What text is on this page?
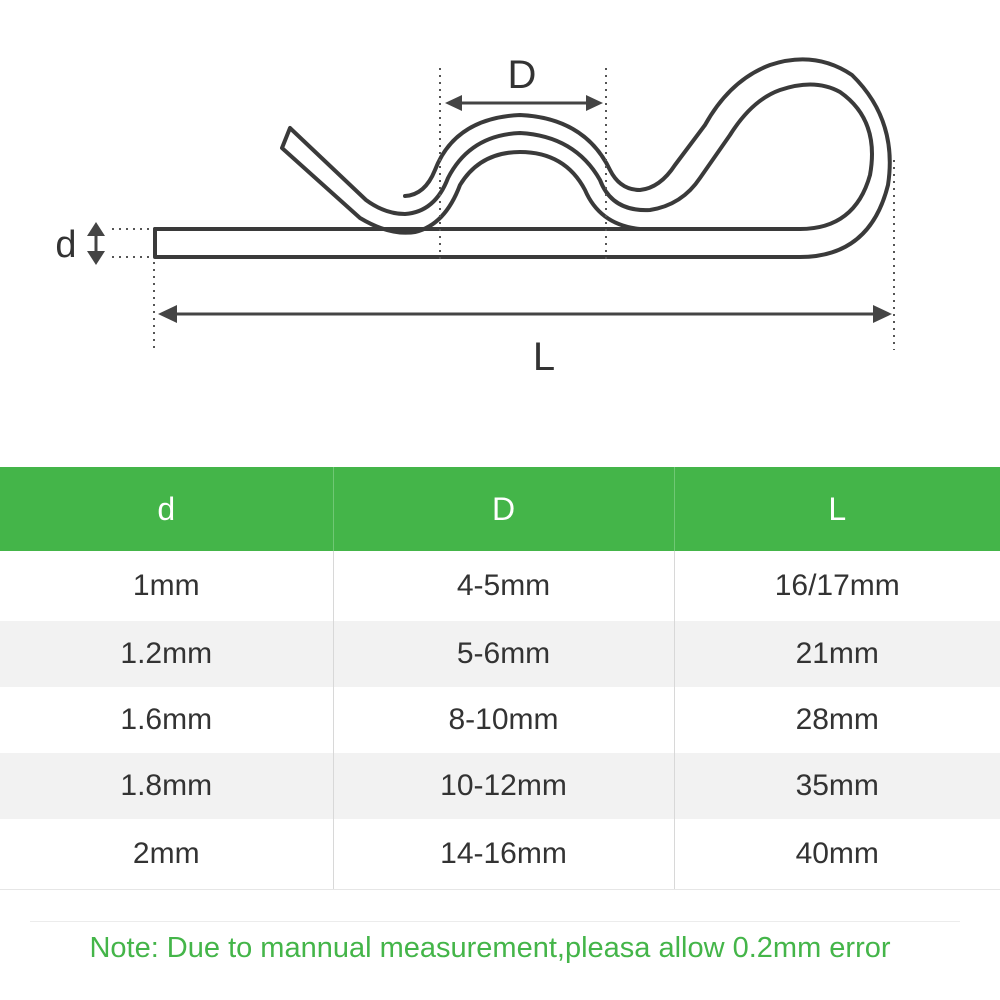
D
L
d
d	D	L
1mm	4-5mm	16/17mm
1.2mm	5-6mm	21mm
1.6mm	8-10mm	28mm
1.8mm	10-12mm	35mm
2mm	14-16mm	40mm
Note: Due to mannual measurement,pleasa allow 0.2mm error
